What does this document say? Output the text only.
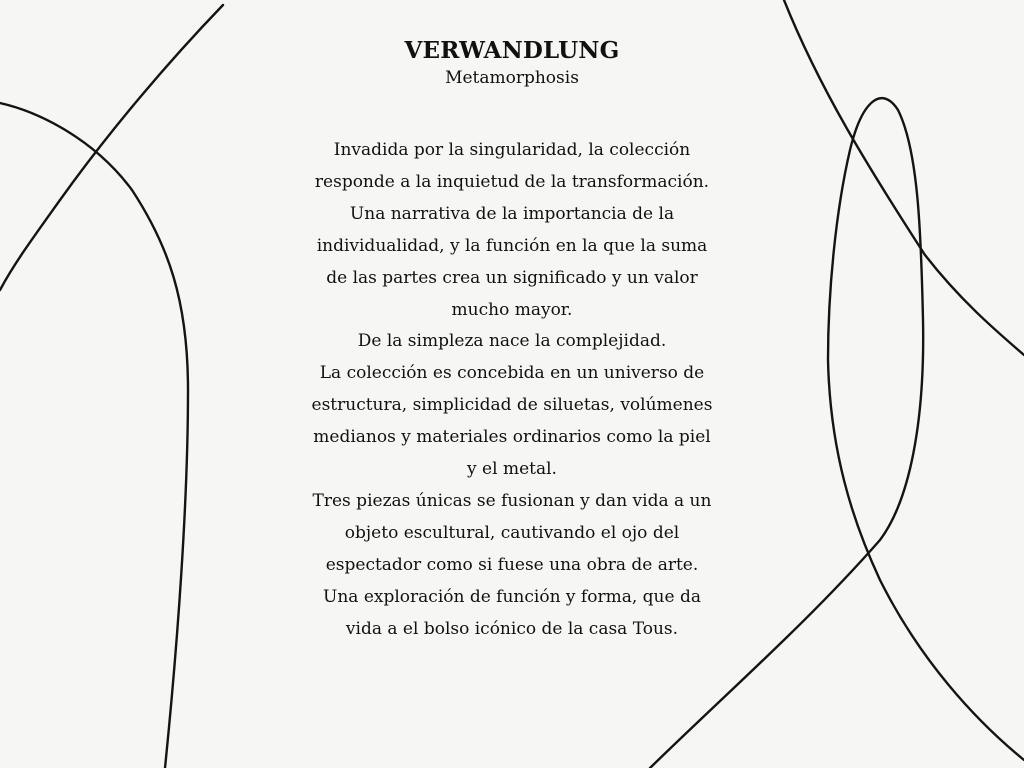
VERWANDLUNG

Metamorphosis

Invadida por la singularidad, la colección
responde a la inquietud de la transformación.
Una narrativa de la importancia de la
individualidad, y la función en la que la suma
de las partes crea un significado y un valor
mucho mayor.
De la simpleza nace la complejidad.
La colección es concebida en un universo de
estructura, simplicidad de siluetas, volúmenes
medianos y materiales ordinarios como la piel
y el metal.
Tres piezas únicas se fusionan y dan vida a un
objeto escultural, cautivando el ojo del
espectador como si fuese una obra de arte.
Una exploración de función y forma, que da
vida a el bolso icónico de la casa Tous.
